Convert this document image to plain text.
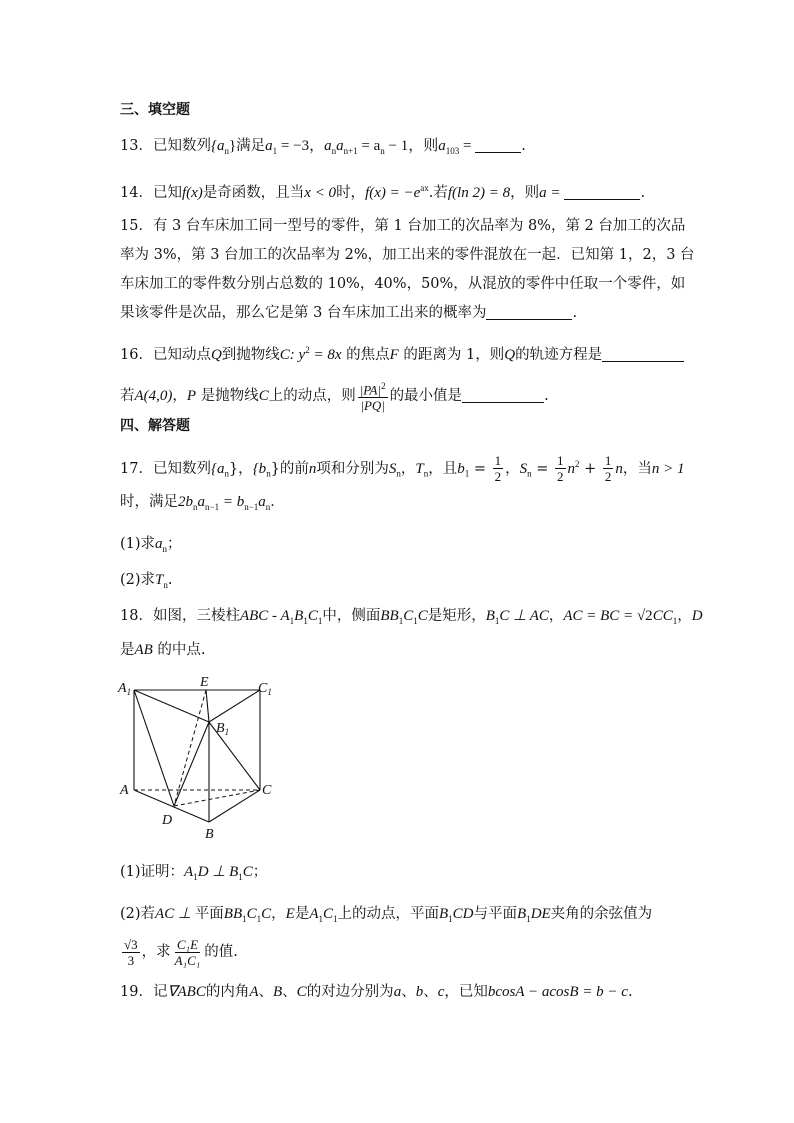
三、填空题
13．已知数列$\{a_n\}$满足$a_1 = -3$，$a_na_{n+1} = a_n - 1$，则$a_{103}$ =	.
14．已知f(x)是奇函数，且当x < 0时，$f(x) = -e^{ax}$.若f(ln 2) = 8，则a =	.
15．有 3 台车床加工同一型号的零件，第 1 台加工的次品率为 8%，第 2 台加工的次品
率为 3%，第 3 台加工的次品率为 2%，加工出来的零件混放在一起．已知第 1，2，3 台
车床加工的零件数分别占总数的 10%，40%，50%，从混放的零件中任取一个零件，如
果该零件是次品，那么它是第 3 台车床加工出来的概率为	.
16．已知动点Q到抛物线C: $y^2 = 8x$ 的焦点F 的距离为 1，则Q的轨迹方程是
若A(4,0)，P 是抛物线C上的动点，则 $\frac{|PA|^2}{|PQ|}$ 的最小值是	.
四、解答题
17．已知数列$\{a_n\}$，$\{b_n\}$的前n项和分别为$S_n$，$T_n$，且$b_1 = \frac{1}{2}$ ，$S_n = \frac{1}{2} n^2 + \frac{1}{2}$ n，当n > 1
时，满足$2b_na_{n-1} = b_{n-1}a_n$．
(1)求$a_n$；
(2)求$T_n$.
18．如图，三棱柱ABC - $A_1B_1C_1$中，侧面$BB_1C_1C$是矩形，$B_1C$ ⊥ AC，AC = BC = $√2CC_1$，D
是AB 的中点.
$A_1$
E	$C_1$
$B_1$
A	C
D
B
(1)证明：$A_1D$ ⊥ $B_1C$；
(2)若AC ⊥ 平面$BB_1C_1C$，E是$A_1C_1$上的动点，平面$B_1CD$与平面$B_1DE$夹角的余弦值为
$\frac{√3}{3}$ ，求 $\frac{\text{C₁E}}{\text{A₁C₁}}$ 的值.
19．记∇ABC的内角A、B、C的对边分别为a、b、c，已知bcosA − acosB = b − c.
